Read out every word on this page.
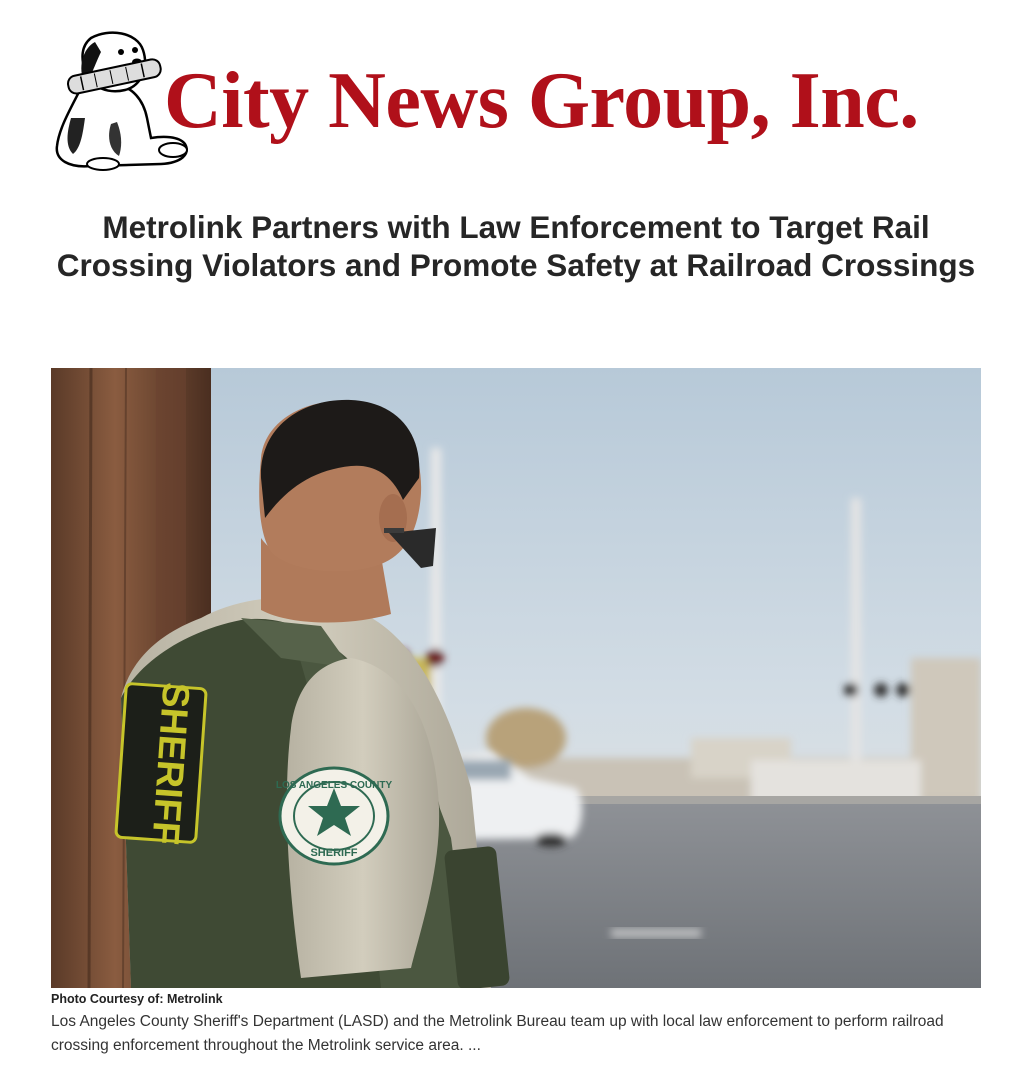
City News Group, Inc.
Metrolink Partners with Law Enforcement to Target Rail Crossing Violators and Promote Safety at Railroad Crossings
LOS ANGELES COUNTY
SHERIFF
SHERIFF
Photo Courtesy of: Metrolink

Los Angeles County Sheriff's Department (LASD) and the Metrolink Bureau team up with local law enforcement to perform railroad crossing enforcement throughout the Metrolink service area. ...
